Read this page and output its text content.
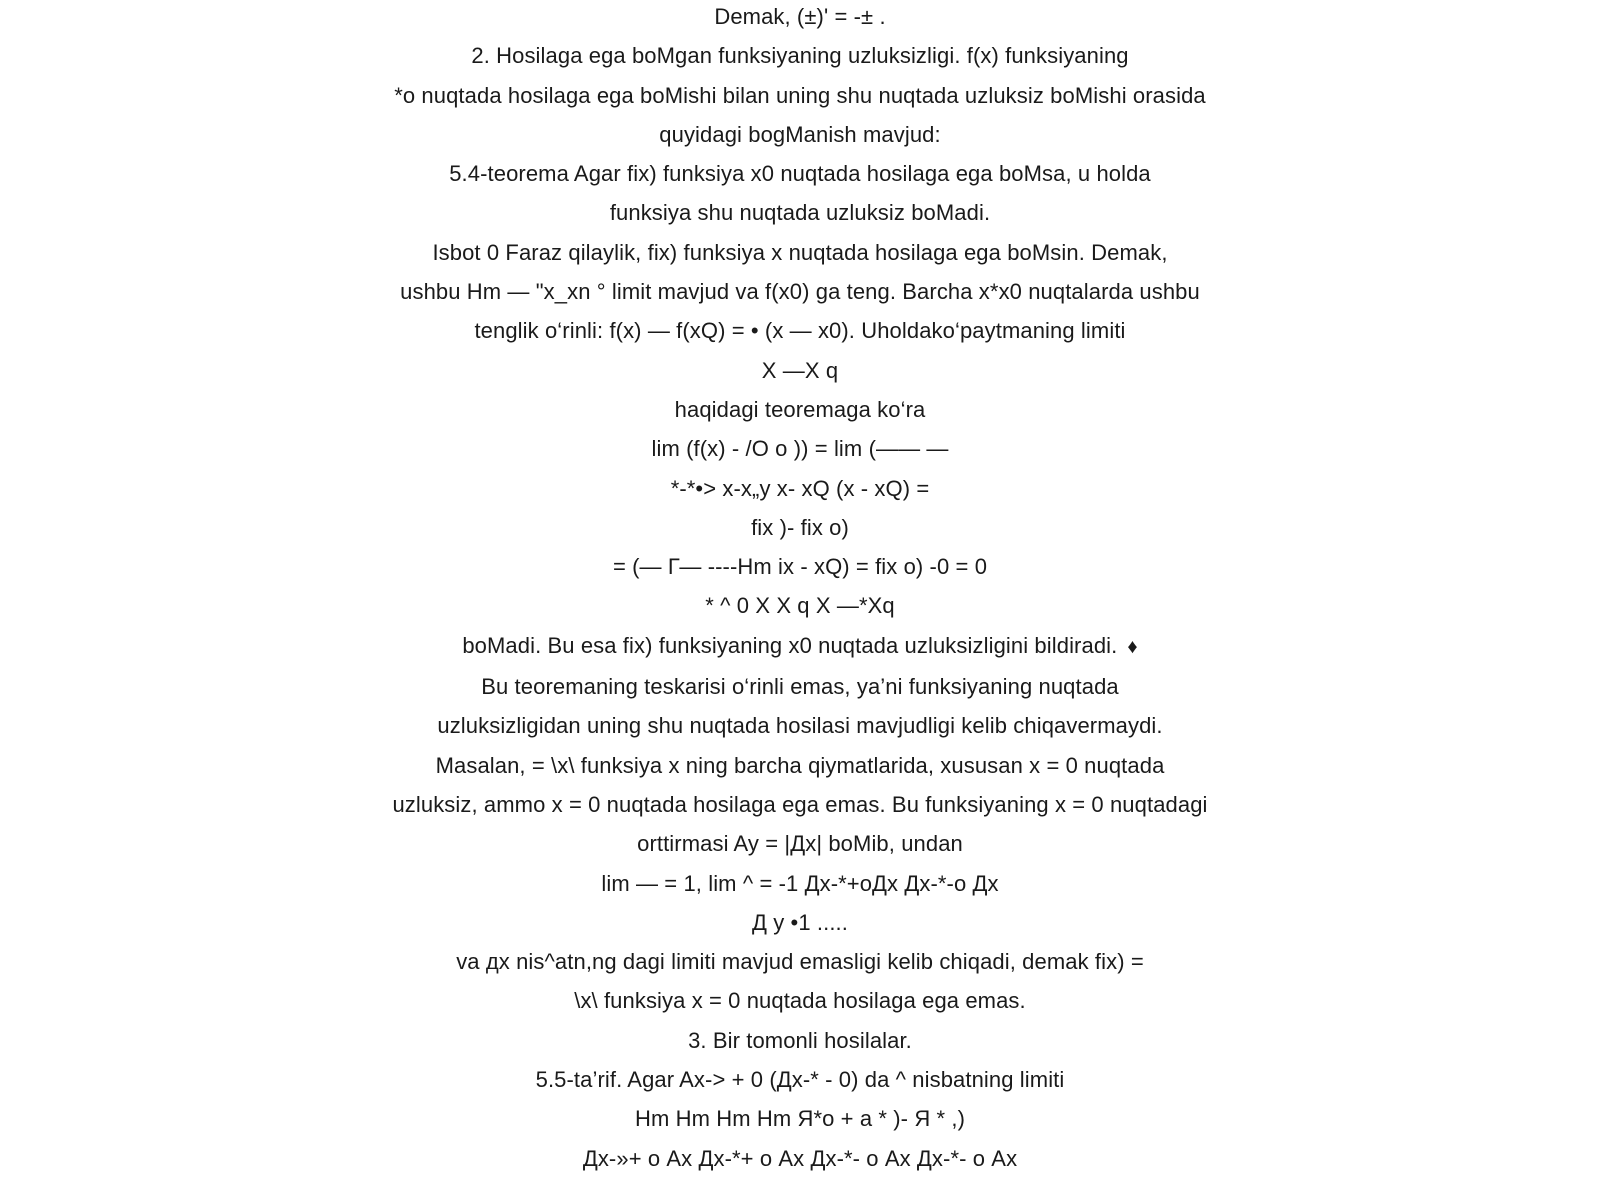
Demak, (±)' = -± .
2. Hosilaga ega boMgan funksiyaning uzluksizligi. f(x) funksiyaning
*o nuqtada hosilaga ega boMishi bilan uning shu nuqtada uzluksiz boMishi orasida
quyidagi bogManish mavjud:
5.4-teorema Agar fix) funksiya x0 nuqtada hosilaga ega boMsa, u holda
funksiya shu nuqtada uzluksiz boMadi.
Isbot 0 Faraz qilaylik, fix) funksiya x nuqtada hosilaga ega boMsin. Demak,
ushbu Hm — "x_xn ° limit mavjud va f(x0) ga teng. Barcha x*x0 nuqtalarda ushbu
tenglik o‘rinli: f(x) — f(xQ) = • (x — x0). Uholdako‘paytmaning limiti
X —X q
haqidagi teoremaga ko‘ra
lim (f(x) - /O o )) = lim (—— —
*-*•> x-x„y x- xQ (x - xQ) =
fix )- fix o)
= (— Г— ----Hm ix - xQ) = fix o) -0 = 0
* ^ 0 X X q X —*Xq
boMadi. Bu esa fix) funksiyaning x0 nuqtada uzluksizligini bildiradi. ♦
Bu teoremaning teskarisi o‘rinli emas, ya’ni funksiyaning nuqtada
uzluksizligidan uning shu nuqtada hosilasi mavjudligi kelib chiqavermaydi.
Masalan, = \x\ funksiya x ning barcha qiymatlarida, xususan x = 0 nuqtada
uzluksiz, ammo x = 0 nuqtada hosilaga ega emas. Bu funksiyaning x = 0 nuqtadagi
orttirmasi Ay = |Дх| boMib, undan
lim — = 1, lim ^ = -1 Дх-*+оДх Дх-*-о Дх
Д у •1 .....
va дх nis^atn,ng dagi limiti mavjud emasligi kelib chiqadi, demak fix) =
\x\ funksiya x = 0 nuqtada hosilaga ega emas.
3. Bir tomonli hosilalar.
5.5-ta’rif. Agar Ax-> + 0 (Дх-* - 0) da ^ nisbatning limiti
Hm Hm Hm Hm Я*о + a * )- Я * ,)
Дх-»+ о Ах Дх-*+ о Ах Дх-*- о Ах Дх-*- о Ах
